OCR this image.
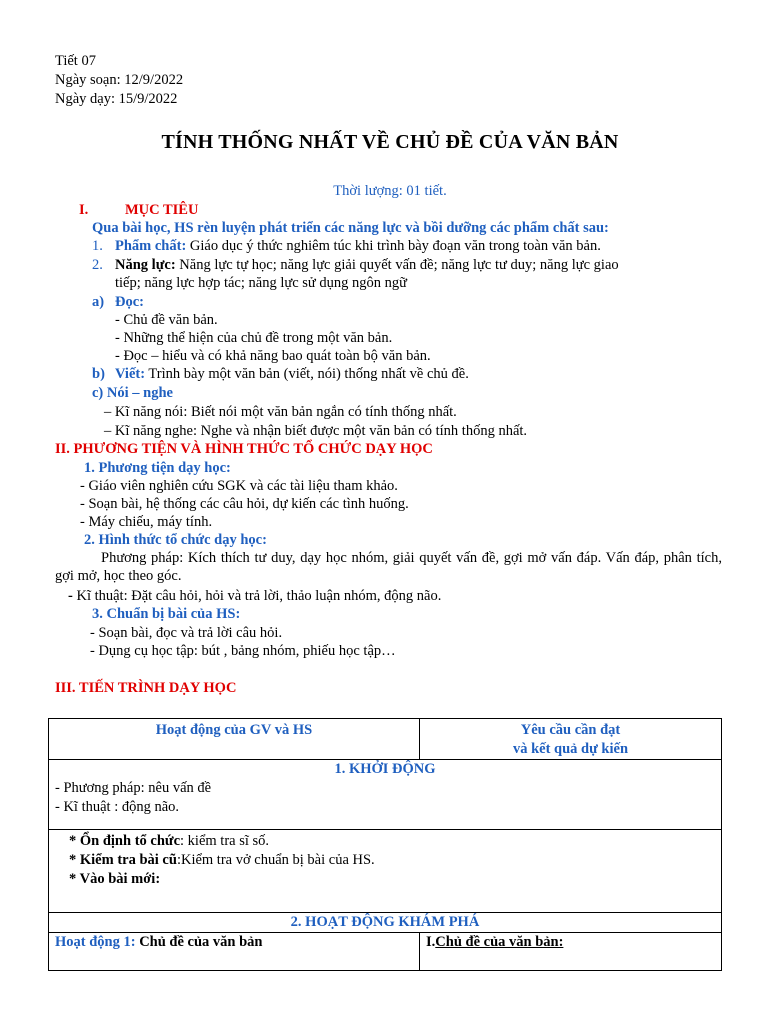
Tiết 07
Ngày soạn: 12/9/2022
Ngày dạy: 15/9/2022
TÍNH THỐNG NHẤT VỀ CHỦ ĐỀ CỦA VĂN BẢN
Thời lượng: 01 tiết.
I.	MỤC TIÊU
Qua bài học, HS rèn luyện phát triển các năng lực và bồi dưỡng các phẩm chất sau:
1. Phẩm chất: Giáo dục ý thức nghiêm túc khi trình bày đoạn văn trong toàn văn bản.
2. Năng lực: Năng lực tự học; năng lực giải quyết vấn đề; năng lực tư duy; năng lực giao
tiếp; năng lực hợp tác; năng lực sử dụng ngôn ngữ
a) Đọc:
- Chủ đề văn bản.
- Những thể hiện của chủ đề trong một văn bản.
- Đọc – hiểu và có khả năng bao quát toàn bộ văn bản.
b) Viết: Trình bày một văn bản (viết, nói) thống nhất về chủ đề.
c) Nói – nghe
– Kĩ năng nói: Biết nói một văn bản ngắn có tính thống nhất.
– Kĩ năng nghe: Nghe và nhận biết được một văn bản có tính thống nhất.
II. PHƯƠNG TIỆN VÀ HÌNH THỨC TỔ CHỨC DẠY HỌC
1. Phương tiện dạy học:
- Giáo viên nghiên cứu SGK và các tài liệu tham khảo.
- Soạn bài, hệ thống các câu hỏi, dự kiến các tình huống.
- Máy chiếu, máy tính.
2. Hình thức tổ chức dạy học:
Phương pháp: Kích thích tư duy, dạy học nhóm, giải quyết vấn đề, gợi mở vấn đáp. Vấn đáp, phân tích, gợi mở, học theo góc.
- Kĩ thuật: Đặt câu hỏi, hỏi và trả lời, thảo luận nhóm, động não.
3. Chuẩn bị bài của HS:
- Soạn bài, đọc và trả lời câu hỏi.
- Dụng cụ học tập: bút , bảng nhóm, phiếu học tập…
III. TIẾN TRÌNH DẠY HỌC
Hoạt động của GV và HS	Yêu cầu cần đạt
và kết quả dự kiến

1. KHỞI ĐỘNG
- Phương pháp: nêu vấn đề
- Kĩ thuật : động não.	

* Ổn định tổ chức: kiểm tra sĩ số.
* Kiểm tra bài cũ:Kiểm tra vở chuẩn bị bài của HS.
* Vào bài mới:	

2. HOẠT ĐỘNG KHÁM PHÁ	
Hoạt động 1: Chủ đề của văn bản	I.Chủ đề của văn bản:
